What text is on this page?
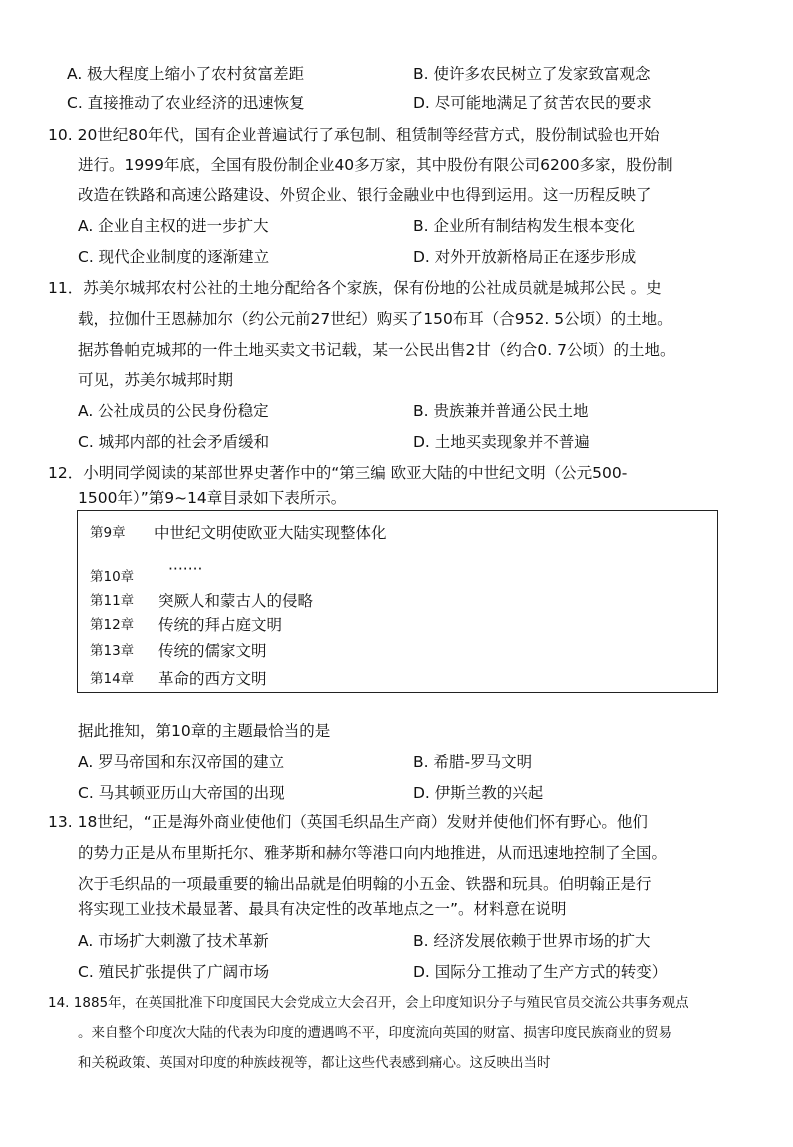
A. 极大程度上缩小了农村贫富差距	B. 使许多农民树立了发家致富观念
C. 直接推动了农业经济的迅速恢复	D. 尽可能地满足了贫苦农民的要求
10. 20世纪80年代，国有企业普遍试行了承包制、租赁制等经营方式，股份制试验也开始
进行。1999年底，全国有股份制企业40多万家，其中股份有限公司6200多家，股份制
改造在铁路和高速公路建设、外贸企业、银行金融业中也得到运用。这一历程反映了
A. 企业自主权的进一步扩大	B. 企业所有制结构发生根本变化
C. 现代企业制度的逐渐建立	D. 对外开放新格局正在逐步形成
11．苏美尔城邦农村公社的土地分配给各个家族，保有份地的公社成员就是城邦公民 。史
载，拉伽什王恩赫加尔（约公元前27世纪）购买了150布耳（合952. 5公顷）的土地。
据苏鲁帕克城邦的一件土地买卖文书记载，某一公民出售2甘（约合0. 7公顷）的土地。
可见，苏美尔城邦时期
A. 公社成员的公民身份稳定	B. 贵族兼并普通公民土地
C. 城邦内部的社会矛盾缓和	D. 土地买卖现象并不普遍
12．小明同学阅读的某部世界史著作中的“第三编 欧亚大陆的中世纪文明（公元500-
1500年）”第9~14章目录如下表所示。
第9章 中世纪文明使欧亚大陆实现整体化
·······
第10章
第11章 突厥人和蒙古人的侵略
第12章 传统的拜占庭文明
第13章 传统的儒家文明
第14章 革命的西方文明
据此推知，第10章的主题最恰当的是
A. 罗马帝国和东汉帝国的建立	B. 希腊-罗马文明
C. 马其顿亚历山大帝国的出现	D. 伊斯兰教的兴起
13. 18世纪，“正是海外商业使他们（英国毛织品生产商）发财并使他们怀有野心。他们
的势力正是从布里斯托尔、雅茅斯和赫尔等港口向内地推进，从而迅速地控制了全国。
次于毛织品的一项最重要的输出品就是伯明翰的小五金、铁器和玩具。伯明翰正是行
将实现工业技术最显著、最具有决定性的改革地点之一”。材料意在说明
A. 市场扩大刺激了技术革新	B. 经济发展依赖于世界市场的扩大
C. 殖民扩张提供了广阔市场	D. 国际分工推动了生产方式的转变）
14. 1885年，在英国批准下印度国民大会党成立大会召开，会上印度知识分子与殖民官员交流公共事务观点
。来自整个印度次大陆的代表为印度的遭遇鸣不平，印度流向英国的财富、损害印度民族商业的贸易
和关税政策、英国对印度的种族歧视等，都让这些代表感到痛心。这反映出当时
